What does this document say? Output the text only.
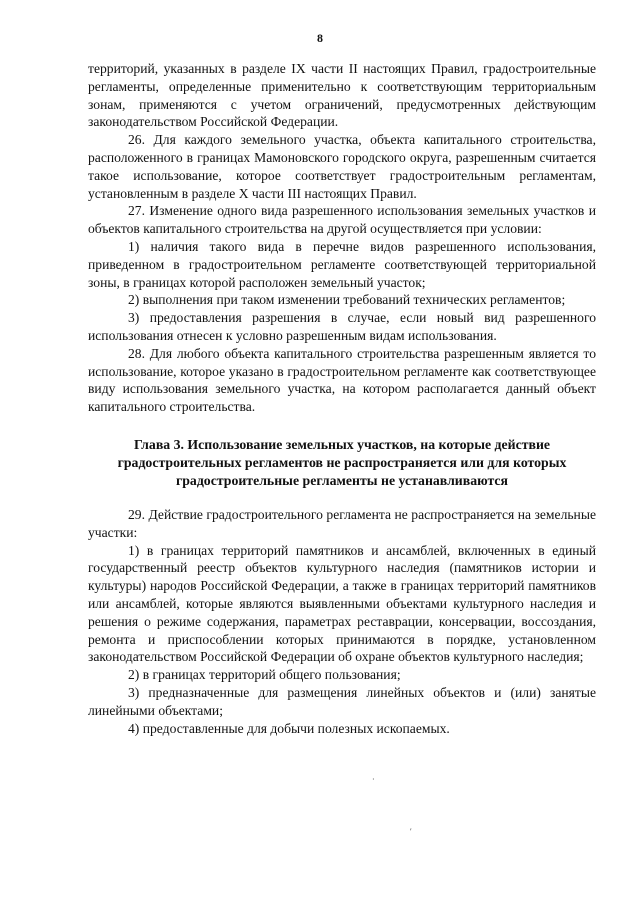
8

территорий, указанных в разделе IX части II настоящих Правил, градостроительные регламенты, определенные применительно к соответствующим территориальным зонам, применяются с учетом ограничений, предусмотренных действующим законодательством Российской Федерации.

26. Для каждого земельного участка, объекта капитального строительства, расположенного в границах Мамоновского городского округа, разрешенным считается такое использование, которое соответствует градостроительным регламентам, установленным в разделе X части III настоящих Правил.

27. Изменение одного вида разрешенного использования земельных участков и объектов капитального строительства на другой осуществляется при условии:

1) наличия такого вида в перечне видов разрешенного использования, приведенном в градостроительном регламенте соответствующей территориальной зоны, в границах которой расположен земельный участок;

2) выполнения при таком изменении требований технических регламентов;

3) предоставления разрешения в случае, если новый вид разрешенного использования отнесен к условно разрешенным видам использования.

28. Для любого объекта капитального строительства разрешенным является то использование, которое указано в градостроительном регламенте как соответствующее виду использования земельного участка, на котором располагается данный объект капитального строительства.

Глава 3. Использование земельных участков, на которые действие градостроительных регламентов не распространяется или для которых градостроительные регламенты не устанавливаются

29. Действие градостроительного регламента не распространяется на земельные участки:

1) в границах территорий памятников и ансамблей, включенных в единый государственный реестр объектов культурного наследия (памятников истории и культуры) народов Российской Федерации, а также в границах территорий памятников или ансамблей, которые являются выявленными объектами культурного наследия и решения о режиме содержания, параметрах реставрации, консервации, воссоздания, ремонта и приспособлении которых принимаются в порядке, установленном законодательством Российской Федерации об охране объектов культурного наследия;

2) в границах территорий общего пользования;

3) предназначенные для размещения линейных объектов и (или) занятые линейными объектами;

4) предоставленные для добычи полезных ископаемых.

·
′
